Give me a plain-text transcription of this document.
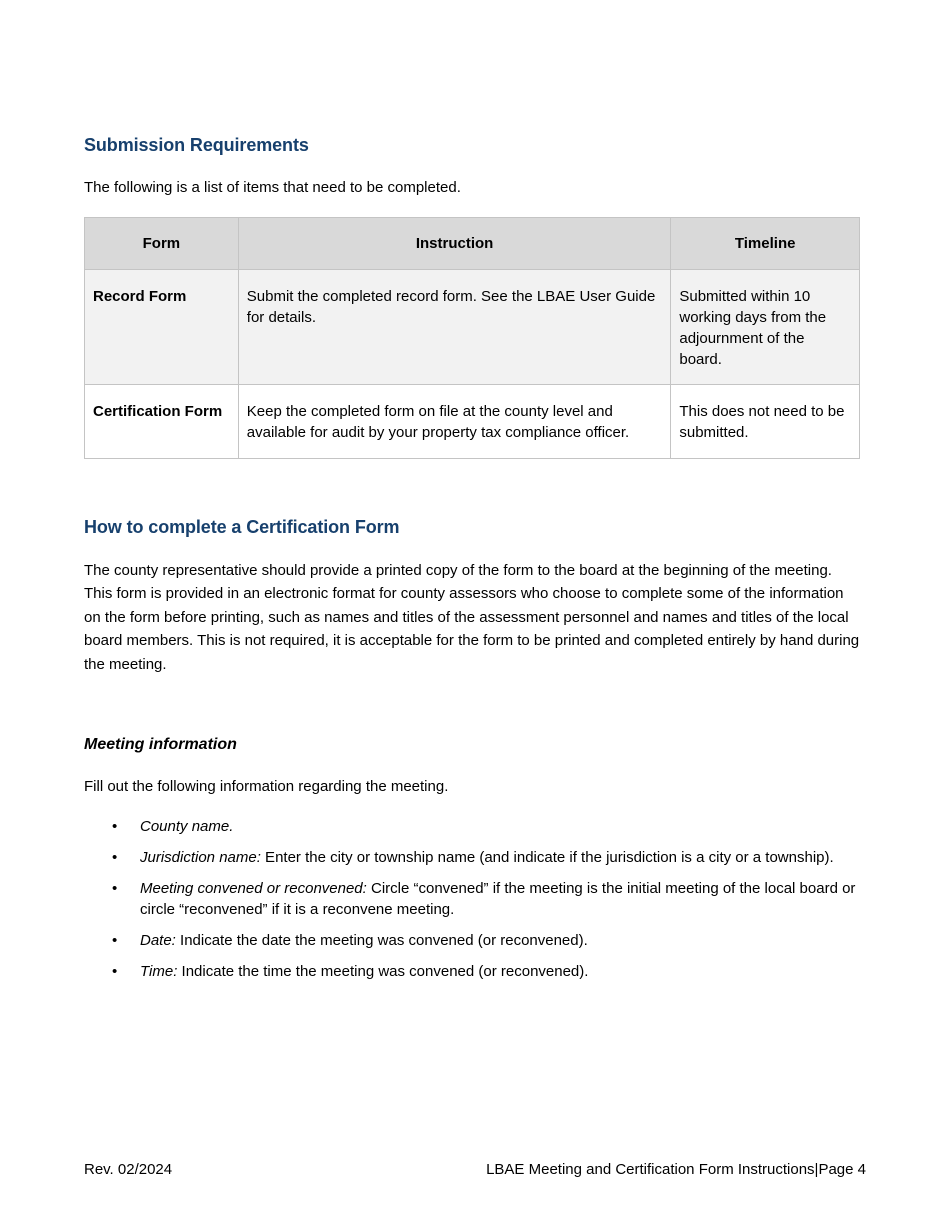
Submission Requirements

The following is a list of items that need to be completed.

Form	Instruction	Timeline
Record Form	Submit the completed record form. See the LBAE User Guide for details.	Submitted within 10 working days from the adjournment of the board.
Certification Form	Keep the completed form on file at the county level and available for audit by your property tax compliance officer.	This does not need to be submitted.
How to complete a Certification Form

The county representative should provide a printed copy of the form to the board at the beginning of the meeting. This form is provided in an electronic format for county assessors who choose to complete some of the information on the form before printing, such as names and titles of the assessment personnel and names and titles of the local board members. This is not required, it is acceptable for the form to be printed and completed entirely by hand during the meeting.

Meeting information

Fill out the following information regarding the meeting.

• County name.
• Jurisdiction name: Enter the city or township name (and indicate if the jurisdiction is a city or a township).
• Meeting convened or reconvened: Circle “convened” if the meeting is the initial meeting of the local board or circle “reconvened” if it is a reconvene meeting.
• Date: Indicate the date the meeting was convened (or reconvened).
• Time: Indicate the time the meeting was convened (or reconvened).
Rev. 02/2024	LBAE Meeting and Certification Form Instructions|Page 4
